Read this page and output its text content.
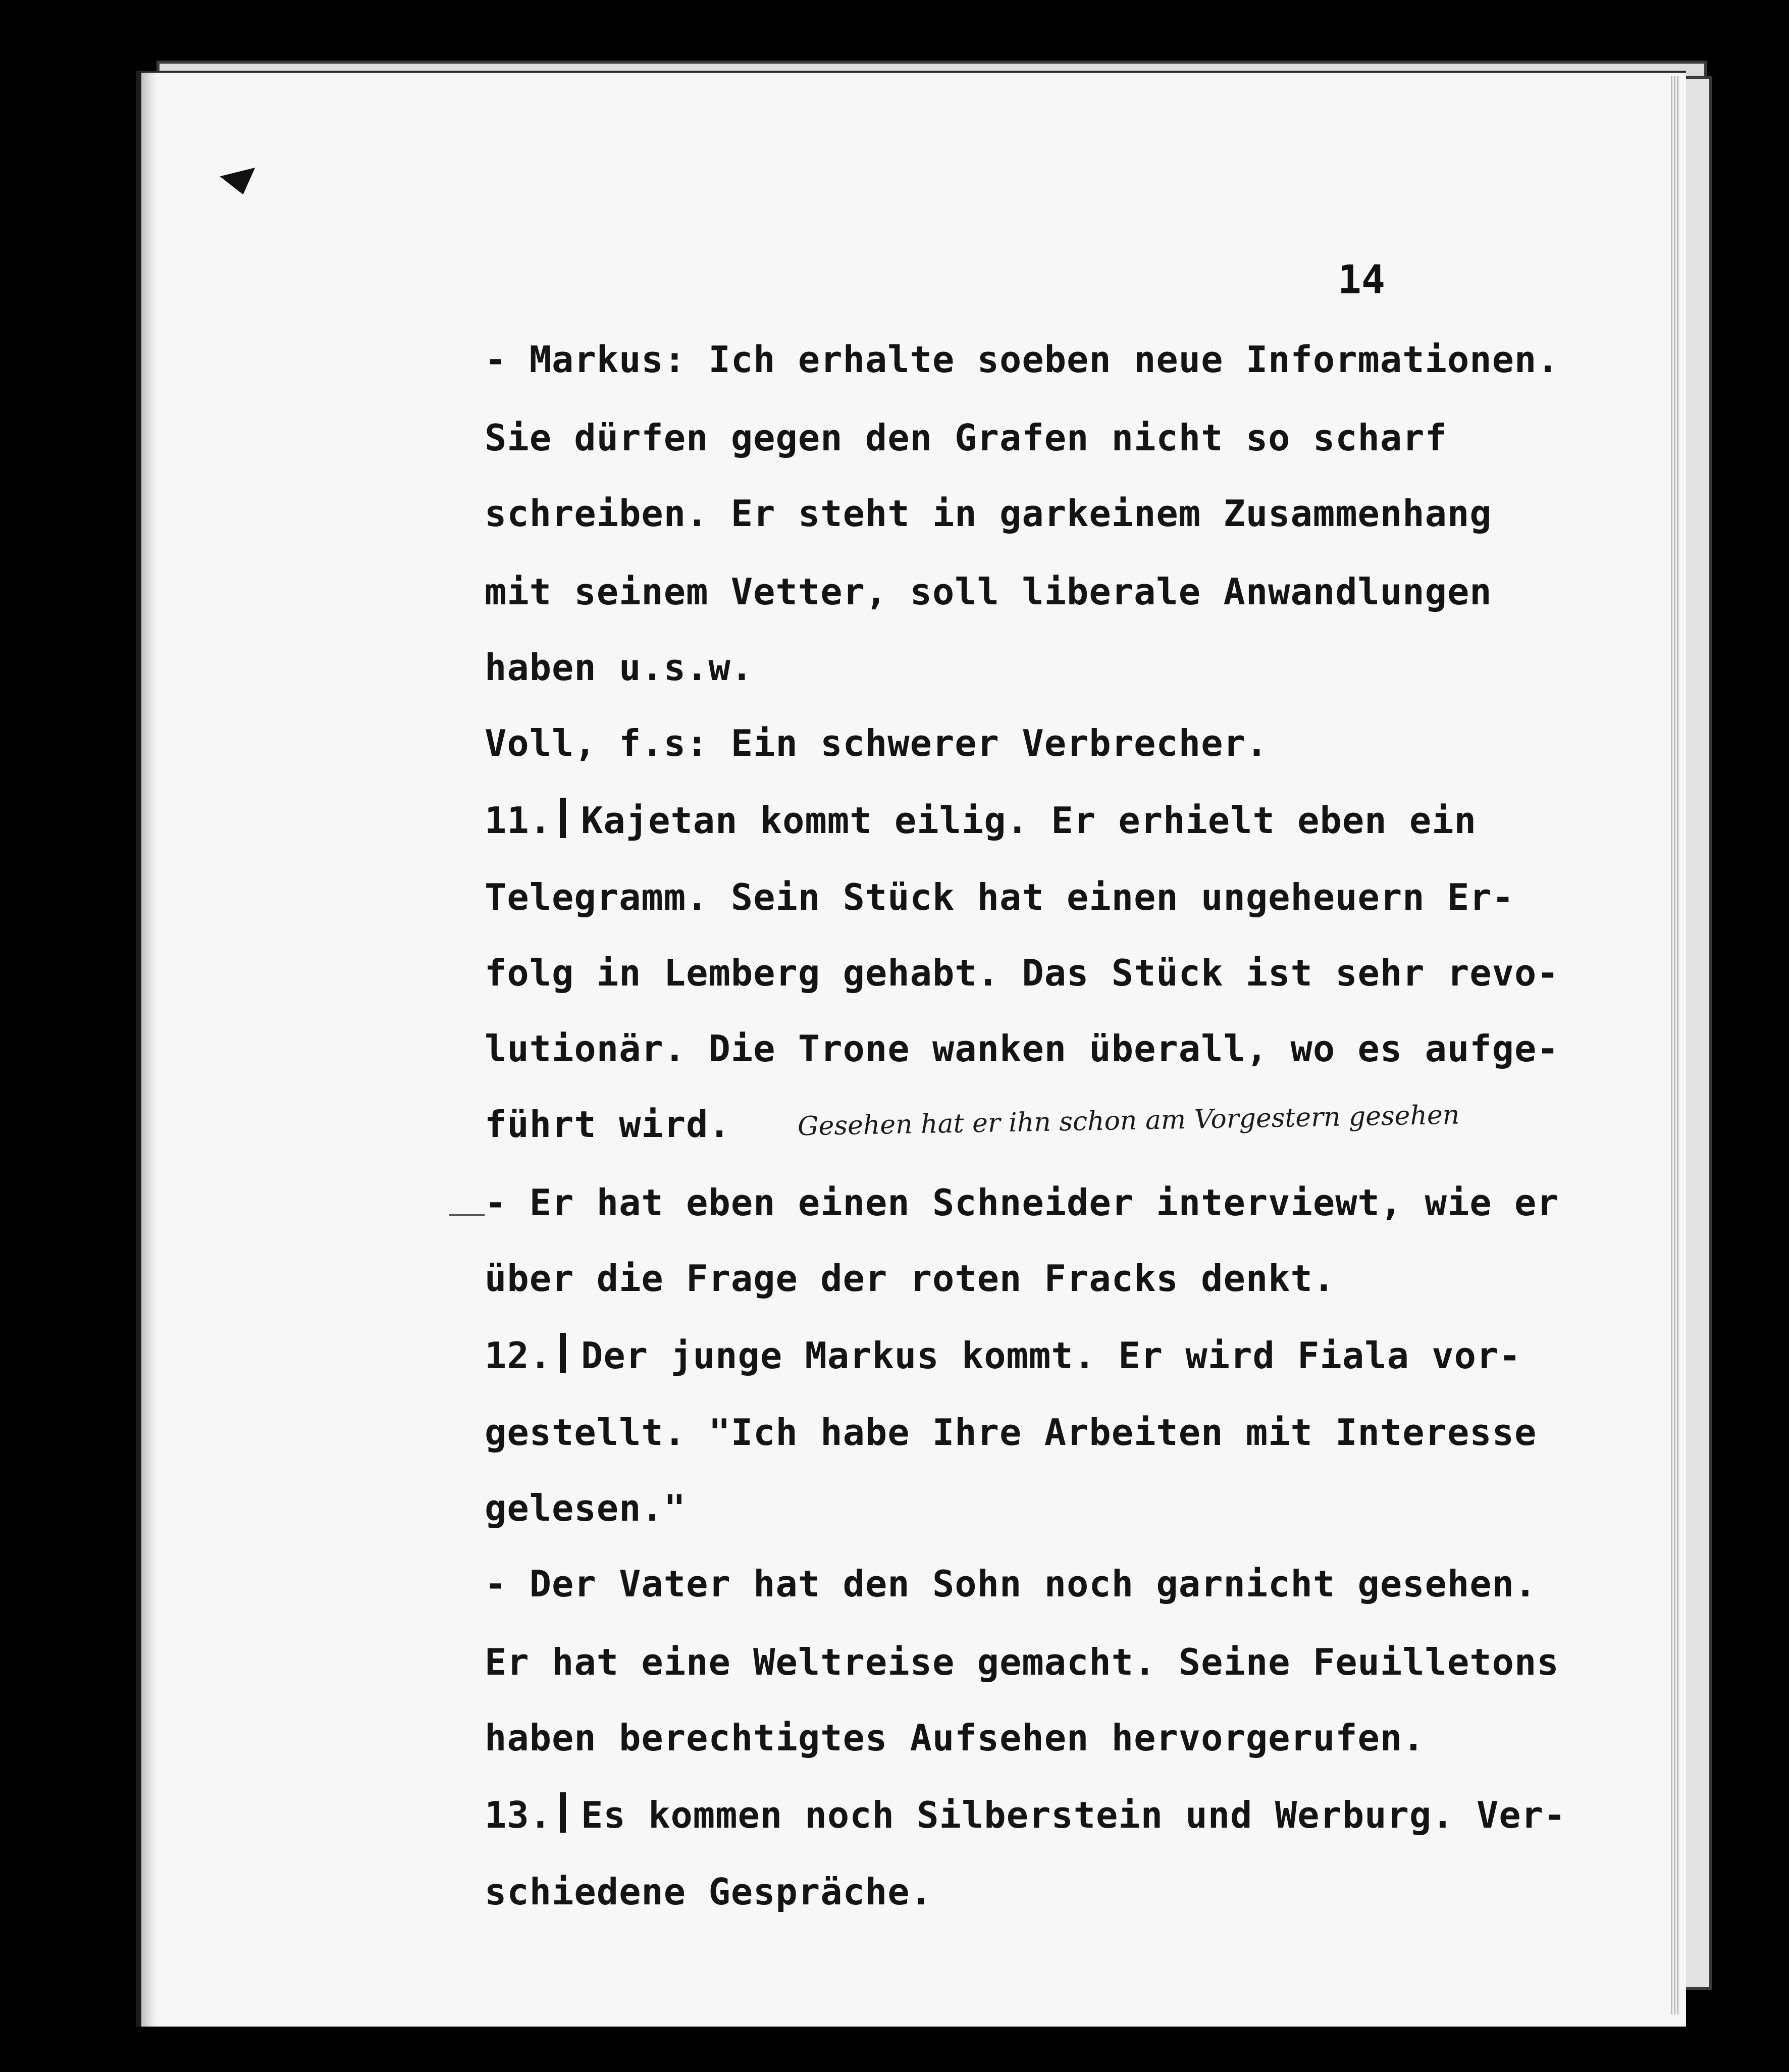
14
- Markus: Ich erhalte soeben neue Informationen.
Sie dürfen gegen den Grafen nicht so scharf
schreiben. Er steht in garkeinem Zusammenhang
mit seinem Vetter, soll liberale Anwandlungen
haben u.s.w.
Voll, f.s: Ein schwerer Verbrecher.
11. Kajetan kommt eilig. Er erhielt eben ein
Telegramm. Sein Stück hat einen ungeheuern Er-
folg in Lemberg gehabt. Das Stück ist sehr revo-
lutionär. Die Trone wanken überall, wo es aufge-
führt wird.
- Er hat eben einen Schneider interviewt, wie er
über die Frage der roten Fracks denkt.
12. Der junge Markus kommt. Er wird Fiala vor-
gestellt. "Ich habe Ihre Arbeiten mit Interesse
gelesen."
- Der Vater hat den Sohn noch garnicht gesehen.
Er hat eine Weltreise gemacht. Seine Feuilletons
haben berechtigtes Aufsehen hervorgerufen.
13. Es kommen noch Silberstein und Werburg. Ver-
schiedene Gespräche.
Gesehen hat er ihn schon am Vorgestern gesehen
